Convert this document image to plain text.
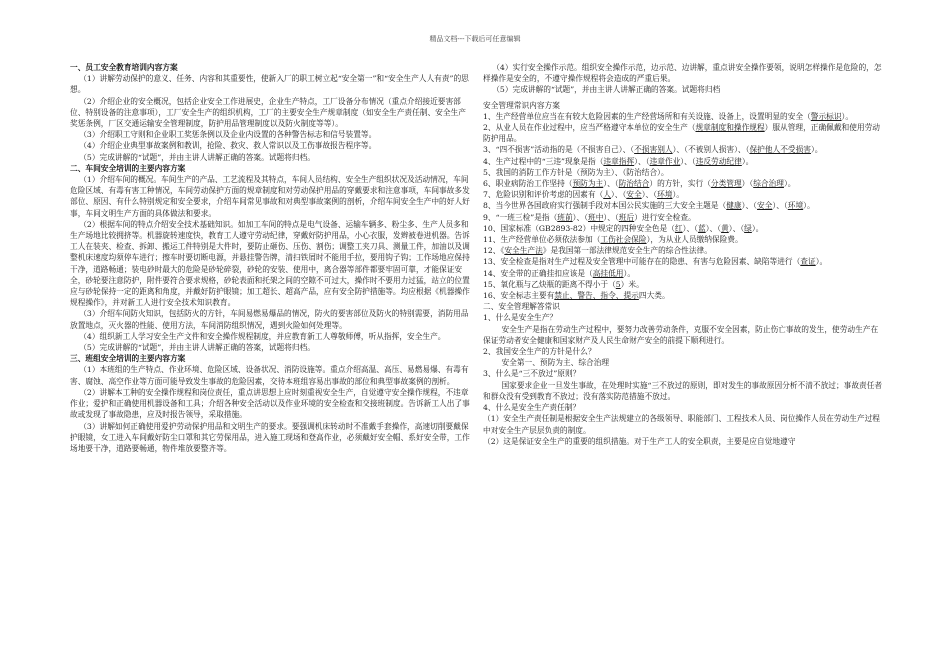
精品文档---下载后可任意编辑

一、员工安全教育培训内容方案

（1）讲解劳动保护的意义、任务、内容和其重要性，使新入厂的职工树立起“安全第一”和“安全生产人人有责”的思想。

（2）介绍企业的安全概况，包括企业安全工作进展史，企业生产特点，工厂设备分布情况（重点介绍接近要害部位、特别设备的注意事项），工厂安全生产的组织机构，工厂的主要安全生产规章制度（如安全生产责任制、安全生产奖惩条例，厂区交通运输安全管理制度，防护用品管理制度以及防火制度等等）。

（3）介绍职工守则和企业职工奖惩条例以及企业内设置的各种警告标志和信号装置等。

（4）介绍企业典型事故案例和教训，抢险、救灾、救人常识以及工伤事故报告程序等。

（5）完成讲解的“试题”，并由主讲人讲解正确的答案。试题将归档。

二、车间安全培训的主要内容方案

（1）介绍车间的概况。车间生产的产品、工艺流程及其特点，车间人员结构、安全生产组织状况及活动情况，车间危险区域、有毒有害工种情况，车间劳动保护方面的规章制度和对劳动保护用品的穿戴要求和注意事项，车间事故多发部位、原因、有什么特别规定和安全要求，介绍车间常见事故和对典型事故案例的剖析，介绍车间安全生产中的好人好事，车间文明生产方面的具体做法和要求。

（2）根据车间的特点介绍安全技术基础知识。如加工车间的特点是电气设备、运输车辆多、粉尘多、生产人员多和生产场地比较拥挤等。机器旋转速度快，教育工人遵守劳动纪律，穿戴好防护用品，小心衣服，发辫被卷进机器。告诉工人在装夹、检查、拆卸、搬运工件特别是大件时，要防止砸伤、压伤、割伤；调整工夹刀具、测量工件，加油以及调整机床速度均须停车进行；擦车时要切断电源，并悬挂警告牌，清扫铁屑时不能用手拉，要用钩子钩；工作场地应保持干净，道路畅通；装电砂时最大的危险是砂轮碎裂，砂轮的安装、使用中，离合器等部件都要牢固可靠，才能保证安全，砂轮要注意防护，附件要符合要求规格，砂轮表面和托架之间的空隙不可过大，操作时不要用力过猛，站立的位置应与砂轮保持一定的距离和角度，并戴好防护眼镜；加工超长、超高产品，应有安全防护措施等。均应根据《机器操作规程操作》，并对新工人进行安全技术知识教育。

（3）介绍车间防火知识，包括防火的方针，车间易燃易爆品的情况，防火的要害部位及防火的特别需要，消防用品放置地点，灭火器的性能、使用方法，车间消防组织情况，遇到火险如何处理等。

（4）组织新工人学习安全生产文件和安全操作规程制度，并应教育新工人尊敬师傅，听从指挥，安全生产。

（5）完成讲解的“试题”，并由主讲人讲解正确的答案，试题将归档。

三、班组安全培训的主要内容方案

（1）本班组的生产特点、作业环境、危险区域、设备状况、消防设施等。重点介绍高温、高压、易燃易爆、有毒有害、腐蚀、高空作业等方面可能导致发生事故的危险因素，交待本班组容易出事故的部位和典型事故案例的剖析。

（2）讲解本工种的安全操作规程和岗位责任，重点讲思想上应时刻重视安全生产，自觉遵守安全操作规程，不违章作业；爱护和正确使用机器设备和工具；介绍各种安全活动以及作业环境的安全检查和交接班制度。告诉新工人出了事故或发现了事故隐患，应及时报告领导，采取措施。

（3）讲解如何正确使用爱护劳动保护用品和文明生产的要求。要强调机床转动时不准戴手套操作，高速切削要戴保护眼镜，女工进入车间戴好防尘口罩和其它劳保用品，进入施工现场和登高作业，必须戴好安全帽、系好安全带，工作场地要干净，道路要畅通，物件堆放要整齐等。

（4）实行安全操作示范。组织安全操作示范，边示范、边讲解，重点讲安全操作要领，说明怎样操作是危险的，怎样操作是安全的，不遵守操作规程将会造成的严重后果。

（5）完成讲解的“试题”，并由主讲人讲解正确的答案。试题将归档

安全管理常识内容方案

1、生产经营单位应当在有较大危险因素的生产经营场所和有关设施、设备上，设置明显的安全（警示标识）。

2、从业人员在作业过程中，应当严格遵守本单位的安全生产（规章制度和操作规程）服从管理，正确佩戴和使用劳动防护用品。

3、“四不损害”活动指的是（不损害自己）、（不损害别人）、（不被别人损害）、（保护他人不受损害）。

4、生产过程中的“三违”现象是指（违章指挥）、（违章作业）、（违反劳动纪律）。

5、我国的消防工作方针是（预防为主）、（防治结合）。

6、职业病防治工作坚持（预防为主）、（防治结合）的方针，实行（分类管理）（综合治理）。

7、危险识别和评价考虑的因素有（人）、（安全）、（环境）。

8、当今世界各国政府实行强制手段对本国公民实施的三大安全主题是（健康）、（安全）、（环境）。

9、“一班三检”是指（班前）、（班中）、（班后）进行安全检查。

10、国家标准（GB2893-82）中规定的四种安全色是（红）、（蓝）、（黄）、（绿）。

11、生产经营单位必须依法参加（工伤社会保险），为从业人员缴纳保险费。

12、《安全生产法》是我国第一部法律规范安全生产的综合性法律。

13、安全检查是指对生产过程及安全管理中可能存在的隐患、有害与危险因素、缺陷等进行（查证）。

14、安全带的正确挂扣应该是（高挂低用）。

15、氧化瓶与乙炔瓶的距离不得小于（5）米。

16、安全标志主要有禁止、警告、指令、提示四大类。

二、安全管理解答常识

1、什么是安全生产？

安全生产是指在劳动生产过程中，要努力改善劳动条件，克服不安全因素，防止伤亡事故的发生，使劳动生产在保证劳动者安全健康和国家财产及人民生命财产安全的前提下顺利进行。

2、我国安全生产的方针是什么？

安全第一、预防为主、综合治理

3、什么是“三不放过”原则？

国家要求企业一旦发生事故，在处理时实施“三不放过的原则，即对发生的事故原因分析不清不放过；事故责任者和群众没有受到教育不放过；没有落实防范措施不放过。

4、什么是安全生产责任制？

（1）安全生产责任制是根据安全生产法规建立的各级领导、职能部门、工程技术人员、岗位操作人员在劳动生产过程中对安全生产层层负责的制度。

（2）这是保证安全生产的重要的组织措施。对于生产工人的安全职责，主要是应自觉地遵守
